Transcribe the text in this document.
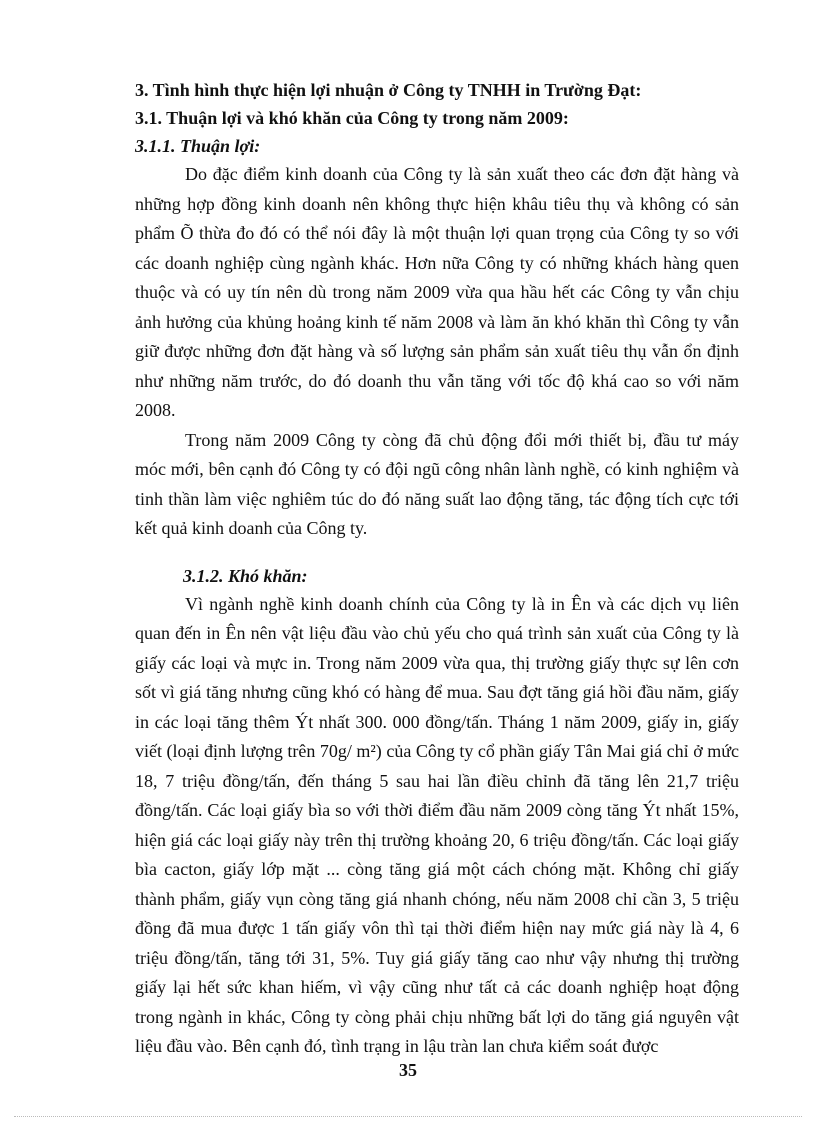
3. Tình hình thực hiện lợi nhuận ở Công ty TNHH in Trường Đạt:

3.1. Thuận lợi và khó khăn của Công ty trong năm 2009:

3.1.1. Thuận lợi:

Do đặc điểm kinh doanh của Công ty là sản xuất theo các đơn đặt hàng và những hợp đồng kinh doanh nên không thực hiện khâu tiêu thụ và không có sản phẩm Õ thừa đo đó có thể nói đây là một thuận lợi quan trọng của Công ty so với các doanh nghiệp cùng ngành khác. Hơn nữa Công ty có những khách hàng quen thuộc và có uy tín nên dù trong năm 2009 vừa qua hầu hết các Công ty vẫn chịu ảnh hưởng của khủng hoảng kinh tế năm 2008 và làm ăn khó khăn thì Công ty vẫn giữ được những đơn đặt hàng và số lượng sản phẩm sản xuất tiêu thụ vẫn ổn định như những năm trước, do đó doanh thu vẫn tăng với tốc độ khá cao so với năm 2008.

Trong năm 2009 Công ty còng đã chủ động đổi mới thiết bị, đầu tư máy móc mới, bên cạnh đó Công ty có đội ngũ công nhân lành nghề, có kinh nghiệm và tinh thần làm việc nghiêm túc do đó năng suất lao động tăng, tác động tích cực tới kết quả kinh doanh của Công ty.

3.1.2. Khó khăn:

Vì ngành nghề kinh doanh chính của Công ty là in Ên và các dịch vụ liên quan đến in Ên nên vật liệu đầu vào chủ yếu cho quá trình sản xuất của Công ty là giấy các loại và mực in. Trong năm 2009 vừa qua, thị trường giấy thực sự lên cơn sốt vì giá tăng nhưng cũng khó có hàng để mua. Sau đợt tăng giá hồi đầu năm, giấy in các loại tăng thêm Ýt nhất 300. 000 đồng/tấn. Tháng 1 năm 2009, giấy in, giấy viết (loại định lượng trên 70g/ m²) của Công ty cổ phần giấy Tân Mai giá chỉ ở mức 18, 7 triệu đồng/tấn, đến tháng 5 sau hai lần điều chỉnh đã tăng lên 21,7 triệu đồng/tấn. Các loại giấy bìa so với thời điểm đầu năm 2009 còng tăng Ýt nhất 15%, hiện giá các loại giấy này trên thị trường khoảng 20, 6 triệu đồng/tấn. Các loại giấy bìa cacton, giấy lớp mặt ... còng tăng giá một cách chóng mặt. Không chỉ giấy thành phẩm, giấy vụn còng tăng giá nhanh chóng, nếu năm 2008 chỉ cần 3, 5 triệu đồng đã mua được 1 tấn giấy vôn thì tại thời điểm hiện nay mức giá này là 4, 6 triệu đồng/tấn, tăng tới 31, 5%. Tuy giá giấy tăng cao như vậy nhưng thị trường giấy lại hết sức khan hiếm, vì vậy cũng như tất cả các doanh nghiệp hoạt động trong ngành in khác, Công ty còng phải chịu những bất lợi do tăng giá nguyên vật liệu đầu vào. Bên cạnh đó, tình trạng in lậu tràn lan chưa kiểm soát được

35
